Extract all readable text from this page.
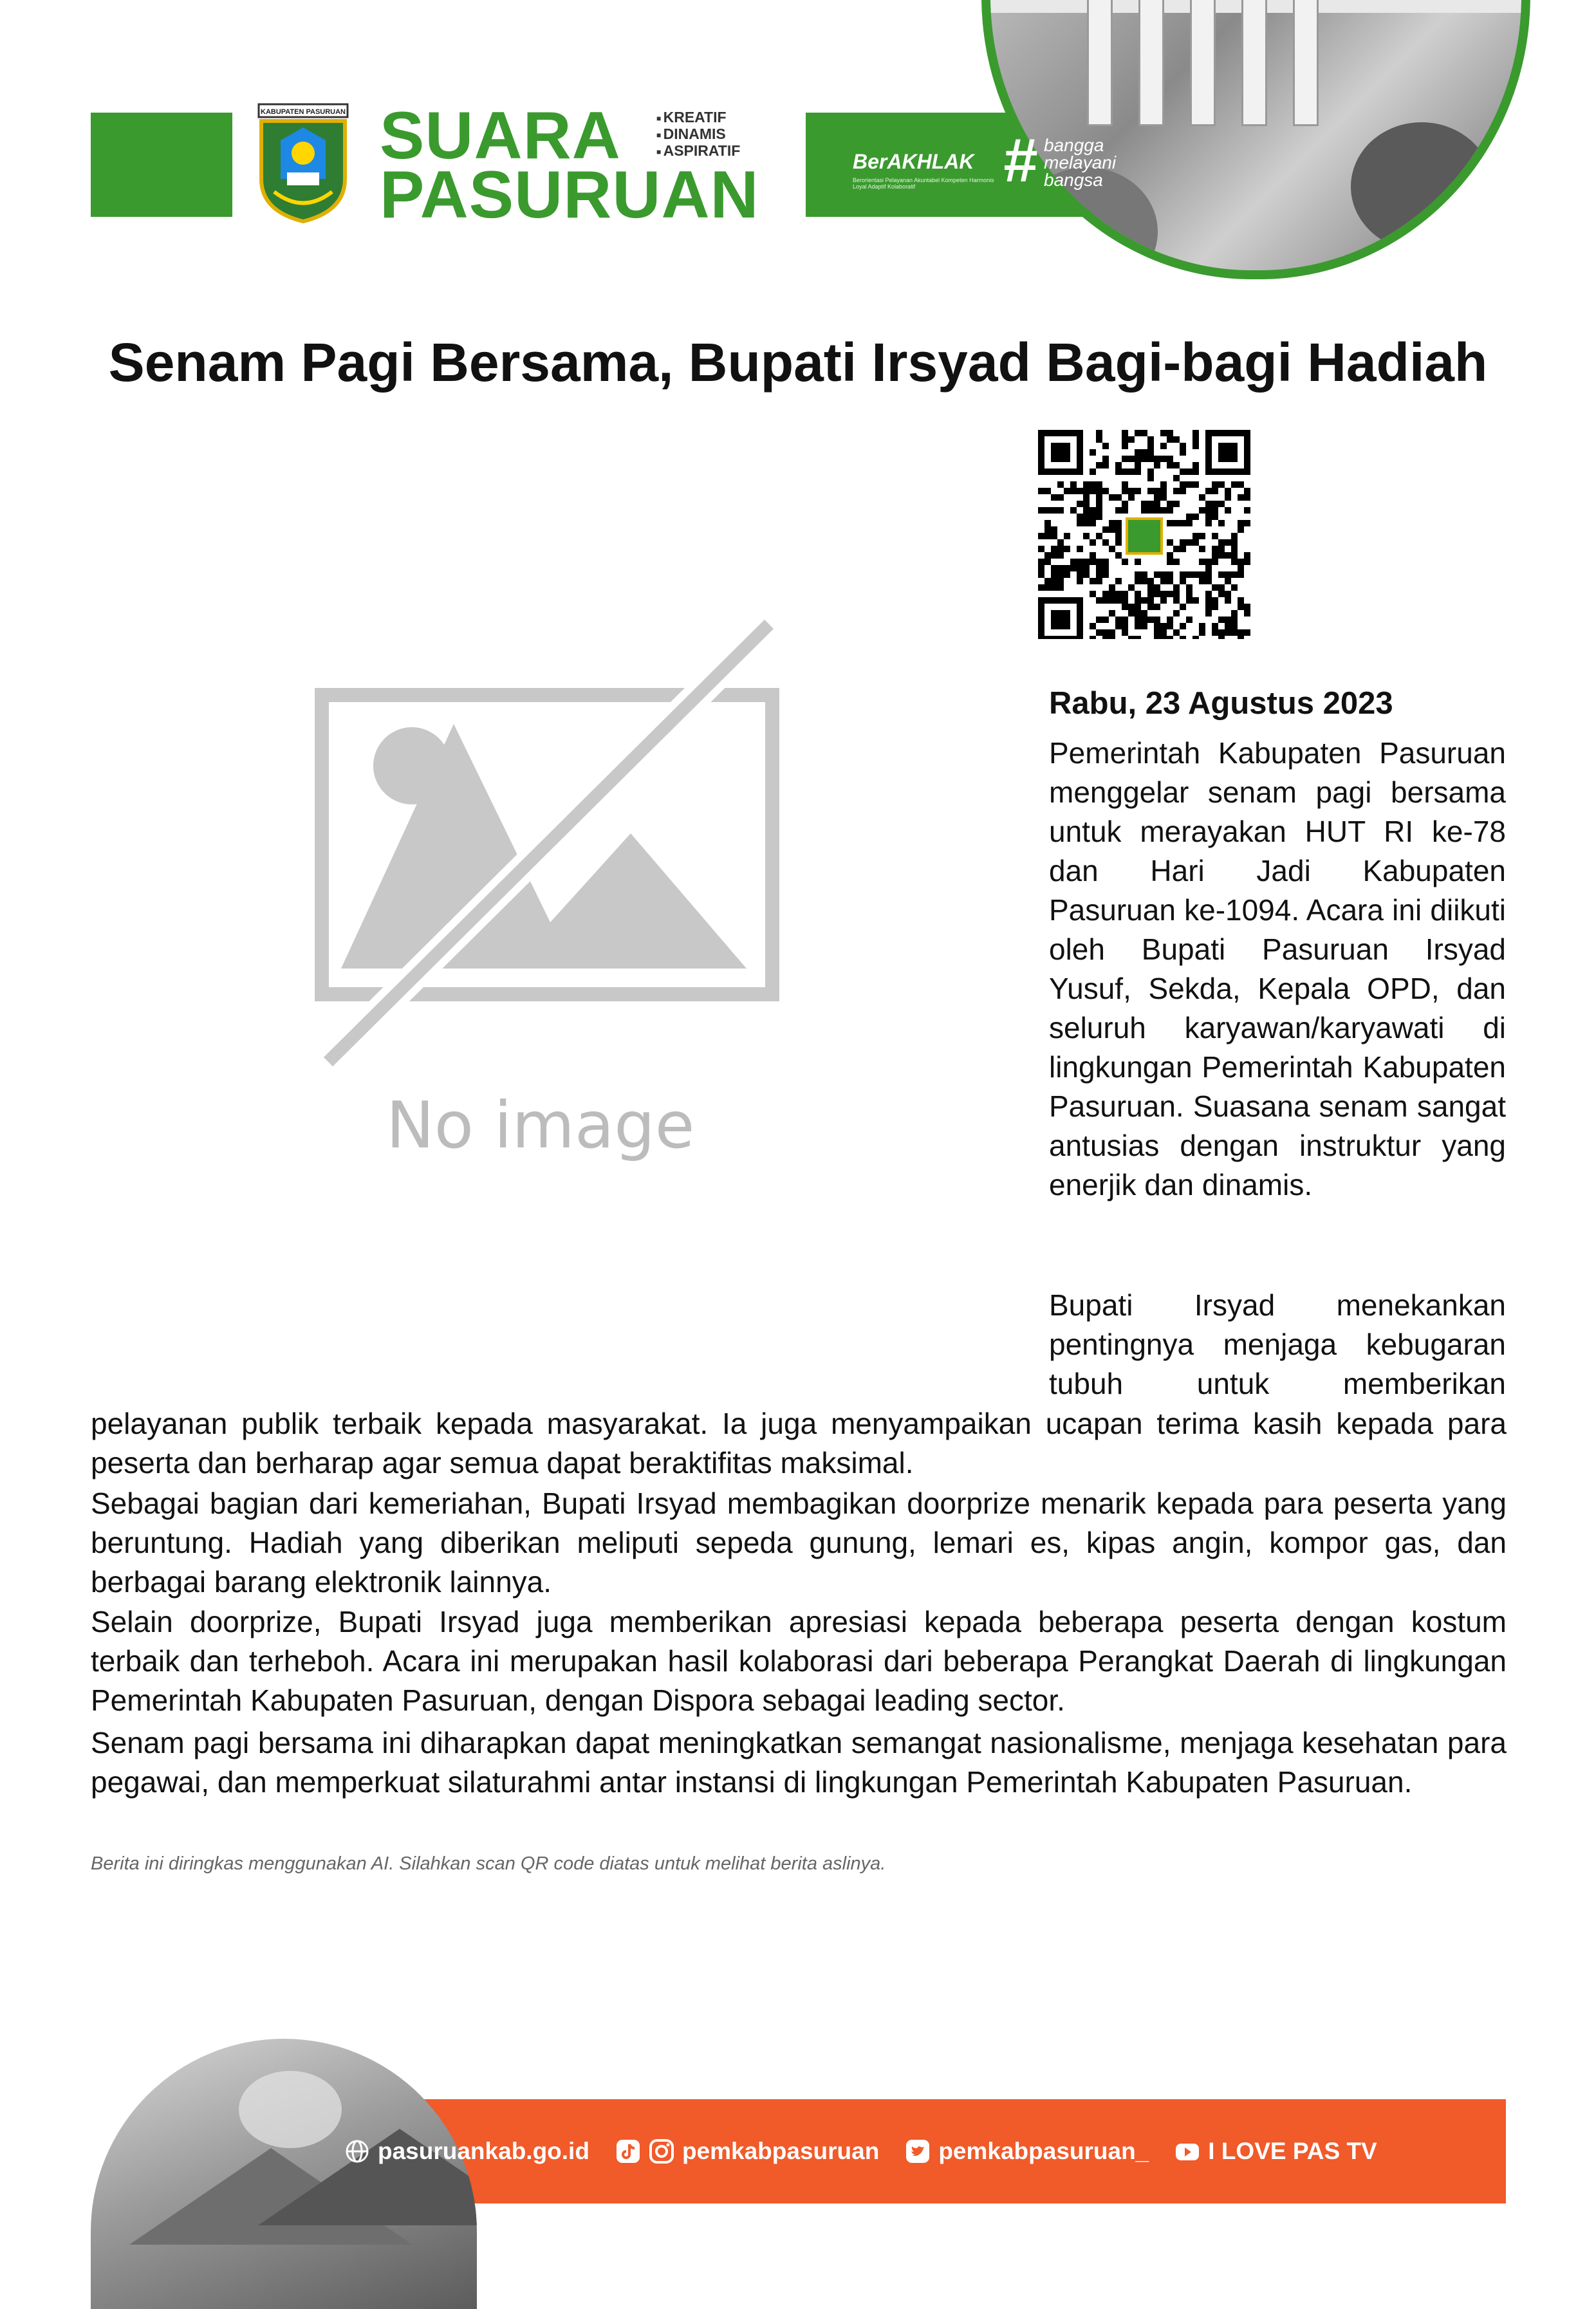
KABUPATEN PASURUAN SUARA
PASURUAN
■ KREATIF
■ DINAMIS
■ ASPIRATIF	BerAKHLAK
Berorientasi Pelayanan Akuntabel Kompeten Harmonis Loyal Adaptif Kolaboratif	# bangga
melayani
bangsa
Senam Pagi Bersama, Bupati Irsyad Bagi-bagi Hadiah
No image
Rabu, 23 Agustus 2023

Pemerintah Kabupaten Pasuruan menggelar senam pagi bersama untuk merayakan HUT RI ke-78 dan Hari Jadi Kabupaten Pasuruan ke-1094. Acara ini diikuti oleh Bupati Pasuruan Irsyad Yusuf, Sekda, Kepala OPD, dan seluruh karyawan/karyawati di lingkungan Pemerintah Kabupaten Pasuruan. Suasana senam sangat antusias dengan instruktur yang enerjik dan dinamis.

Bupati Irsyad menekankan pentingnya menjaga kebugaran tubuh untuk memberikan

pelayanan publik terbaik kepada masyarakat. Ia juga menyampaikan ucapan terima kasih kepada para peserta dan berharap agar semua dapat beraktifitas maksimal.

Sebagai bagian dari kemeriahan, Bupati Irsyad membagikan doorprize menarik kepada para peserta yang beruntung. Hadiah yang diberikan meliputi sepeda gunung, lemari es, kipas angin, kompor gas, dan berbagai barang elektronik lainnya.

Selain doorprize, Bupati Irsyad juga memberikan apresiasi kepada beberapa peserta dengan kostum terbaik dan terheboh. Acara ini merupakan hasil kolaborasi dari beberapa Perangkat Daerah di lingkungan Pemerintah Kabupaten Pasuruan, dengan Dispora sebagai leading sector.

Senam pagi bersama ini diharapkan dapat meningkatkan semangat nasionalisme, menjaga kesehatan para pegawai, dan memperkuat silaturahmi antar instansi di lingkungan Pemerintah Kabupaten Pasuruan.

Berita ini diringkas menggunakan AI. Silahkan scan QR code diatas untuk melihat berita aslinya.
pasuruankab.go.id	pemkabpasuruan pemkabpasuruan_ I LOVE PAS TV
